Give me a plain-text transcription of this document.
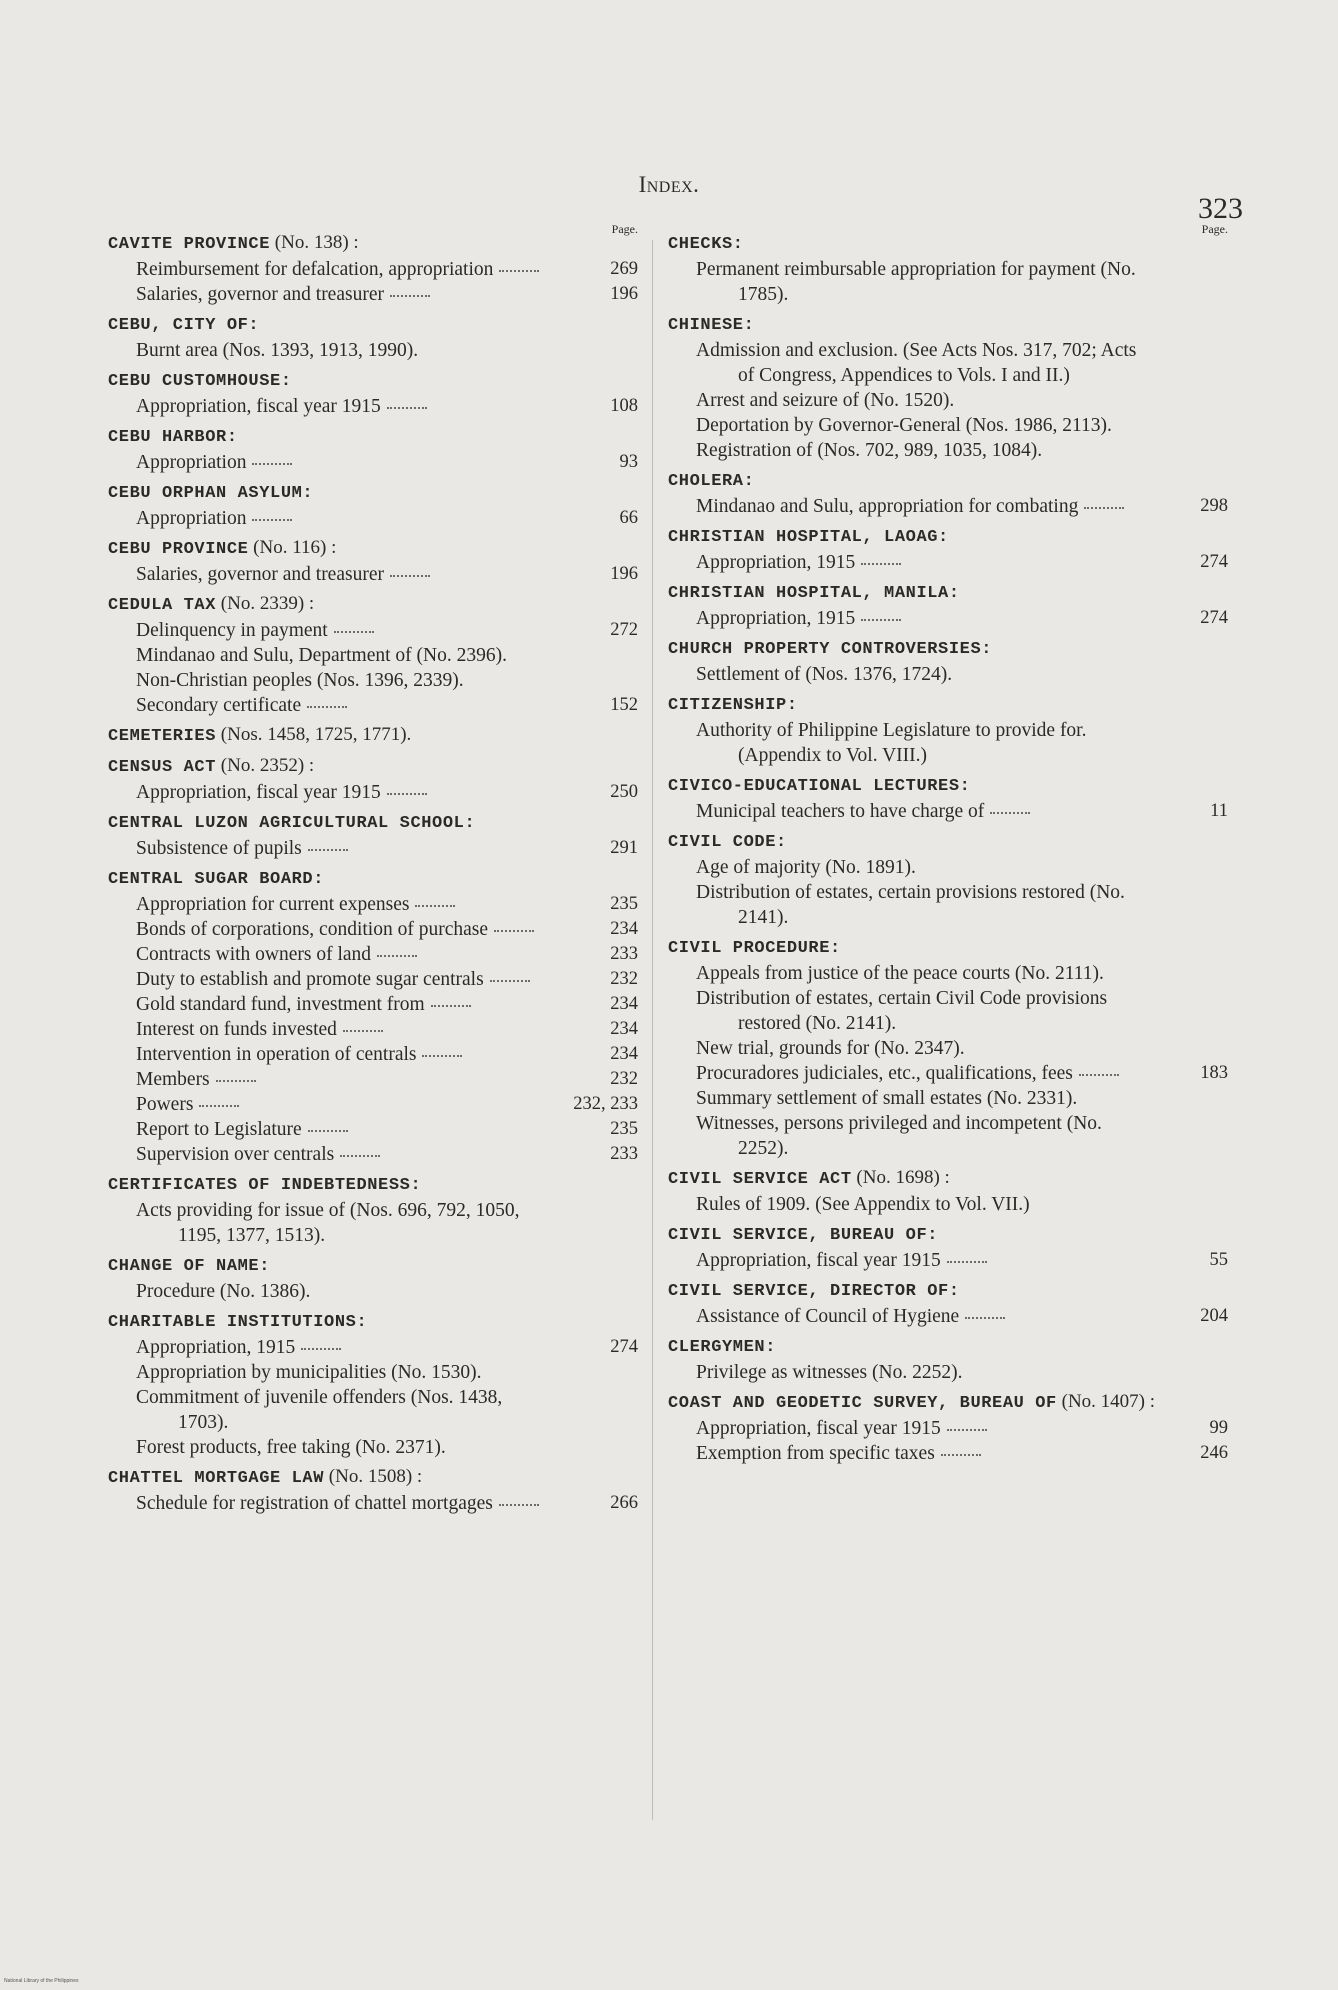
Index.
323
Page.
CAVITE PROVINCE (No. 138) :
Reimbursement for defalcation, appropriation	269
Salaries, governor and treasurer	196
CEBU, CITY OF:
Burnt area (Nos. 1393, 1913, 1990).
CEBU CUSTOMHOUSE:
Appropriation, fiscal year 1915	108
CEBU HARBOR:
Appropriation	93
CEBU ORPHAN ASYLUM:
Appropriation	66
CEBU PROVINCE (No. 116) :
Salaries, governor and treasurer	196
CEDULA TAX (No. 2339) :
Delinquency in payment	272
Mindanao and Sulu, Department of (No. 2396).
Non-Christian peoples (Nos. 1396, 2339).
Secondary certificate	152
CEMETERIES (Nos. 1458, 1725, 1771).
CENSUS ACT (No. 2352) :
Appropriation, fiscal year 1915	250
CENTRAL LUZON AGRICULTURAL SCHOOL:
Subsistence of pupils	291
CENTRAL SUGAR BOARD:
Appropriation for current expenses	235
Bonds of corporations, condition of purchase	234
Contracts with owners of land	233
Duty to establish and promote sugar centrals	232
Gold standard fund, investment from	234
Interest on funds invested	234
Intervention in operation of centrals	234
Members	232
Powers	232, 233
Report to Legislature	235
Supervision over centrals	233
CERTIFICATES OF INDEBTEDNESS:
Acts providing for issue of (Nos. 696, 792, 1050, 1195, 1377, 1513).
CHANGE OF NAME:
Procedure (No. 1386).
CHARITABLE INSTITUTIONS:
Appropriation, 1915	274
Appropriation by municipalities (No. 1530).
Commitment of juvenile offenders (Nos. 1438, 1703).
Forest products, free taking (No. 2371).
CHATTEL MORTGAGE LAW (No. 1508) :
Schedule for registration of chattel mortgages	266
Page.
CHECKS:
Permanent reimbursable appropriation for payment (No. 1785).
CHINESE:
Admission and exclusion. (See Acts Nos. 317, 702; Acts of Congress, Appendices to Vols. I and II.)
Arrest and seizure of (No. 1520).
Deportation by Governor-General (Nos. 1986, 2113).
Registration of (Nos. 702, 989, 1035, 1084).
CHOLERA:
Mindanao and Sulu, appropriation for combating	298
CHRISTIAN HOSPITAL, LAOAG:
Appropriation, 1915	274
CHRISTIAN HOSPITAL, MANILA:
Appropriation, 1915	274
CHURCH PROPERTY CONTROVERSIES:
Settlement of (Nos. 1376, 1724).
CITIZENSHIP:
Authority of Philippine Legislature to provide for. (Appendix to Vol. VIII.)
CIVICO-EDUCATIONAL LECTURES:
Municipal teachers to have charge of	11
CIVIL CODE:
Age of majority (No. 1891).
Distribution of estates, certain provisions restored (No. 2141).
CIVIL PROCEDURE:
Appeals from justice of the peace courts (No. 2111).
Distribution of estates, certain Civil Code provisions restored (No. 2141).
New trial, grounds for (No. 2347).
Procuradores judiciales, etc., qualifications, fees	183
Summary settlement of small estates (No. 2331).
Witnesses, persons privileged and incompetent (No. 2252).
CIVIL SERVICE ACT (No. 1698) :
Rules of 1909. (See Appendix to Vol. VII.)
CIVIL SERVICE, BUREAU OF:
Appropriation, fiscal year 1915	55
CIVIL SERVICE, DIRECTOR OF:
Assistance of Council of Hygiene	204
CLERGYMEN:
Privilege as witnesses (No. 2252).
COAST AND GEODETIC SURVEY, BUREAU OF (No. 1407) :
Appropriation, fiscal year 1915	99
Exemption from specific taxes	246
National Library of the Philippines
